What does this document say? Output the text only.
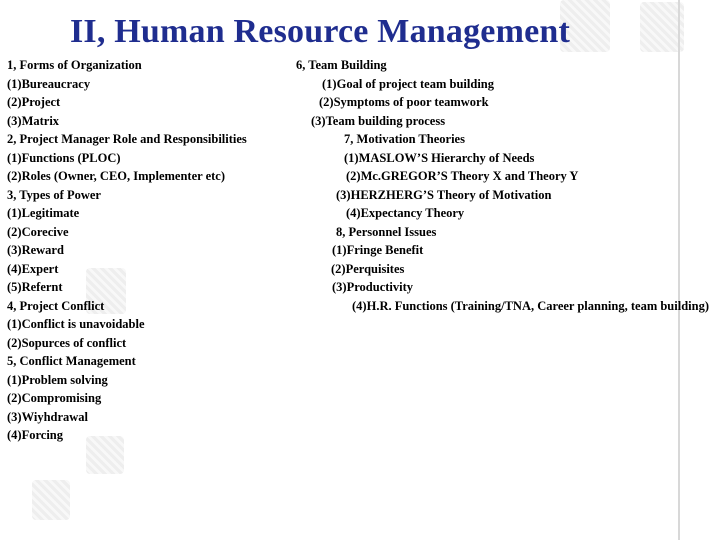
II, Human Resource Management
1, Forms of Organization
(1)Bureaucracy
(2)Project
(3)Matrix
2, Project Manager Role and Responsibilities
(1)Functions (PLOC)
(2)Roles (Owner, CEO, Implementer etc)
3, Types of Power
(1)Legitimate
(2)Corecive
(3)Reward
(4)Expert
(5)Refernt
4, Project Conflict
(1)Conflict is unavoidable
(2)Sopurces of conflict
5, Conflict Management
(1)Problem solving
(2)Compromising
(3)Wiyhdrawal
(4)Forcing
6, Team Building
(1)Goal of project team building
(2)Symptoms of poor teamwork
(3)Team building process
7, Motivation Theories
(1)MASLOW’S Hierarchy of Needs
(2)Mc.GREGOR’S Theory X and Theory Y
(3)HERZHERG’S Theory of Motivation
(4)Expectancy Theory
8, Personnel Issues
(1)Fringe Benefit
(2)Perquisites
(3)Productivity
(4)H.R. Functions (Training/TNA, Career planning, team building)
